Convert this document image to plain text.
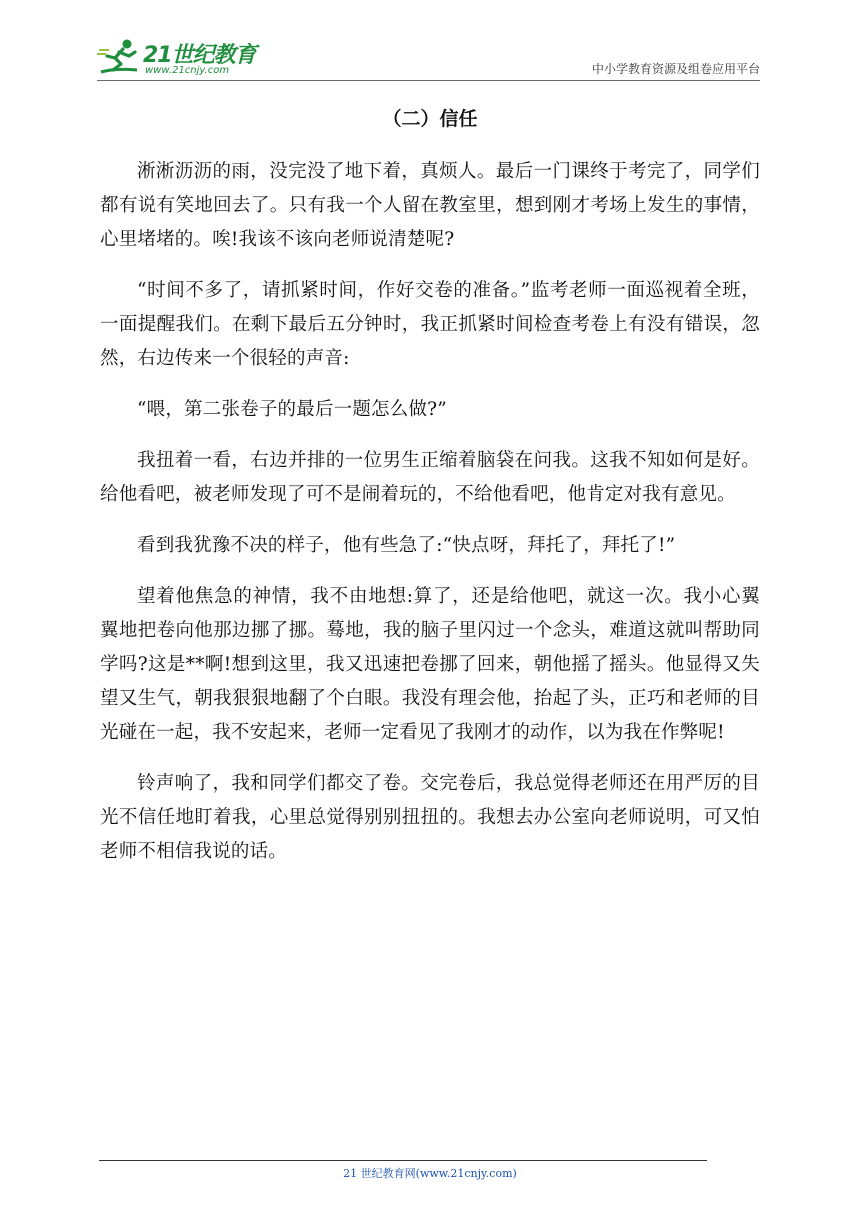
21世纪教育
www.21cnjy.com	中小学教育资源及组卷应用平台
（二）信任

淅淅沥沥的雨，没完没了地下着，真烦人。最后一门课终于考完了，同学们都有说有笑地回去了。只有我一个人留在教室里，想到刚才考场上发生的事情，心里堵堵的。唉!我该不该向老师说清楚呢?

“时间不多了，请抓紧时间，作好交卷的准备。”监考老师一面巡视着全班，一面提醒我们。在剩下最后五分钟时，我正抓紧时间检查考卷上有没有错误，忽然，右边传来一个很轻的声音:

“喂，第二张卷子的最后一题怎么做?”

我扭着一看，右边并排的一位男生正缩着脑袋在问我。这我不知如何是好。给他看吧，被老师发现了可不是闹着玩的，不给他看吧，他肯定对我有意见。

看到我犹豫不决的样子，他有些急了:“快点呀，拜托了，拜托了!”

望着他焦急的神情，我不由地想:算了，还是给他吧，就这一次。我小心翼翼地把卷向他那边挪了挪。蓦地，我的脑子里闪过一个念头，难道这就叫帮助同学吗?这是**啊!想到这里，我又迅速把卷挪了回来，朝他摇了摇头。他显得又失望又生气，朝我狠狠地翻了个白眼。我没有理会他，抬起了头，正巧和老师的目光碰在一起，我不安起来，老师一定看见了我刚才的动作，以为我在作弊呢!

铃声响了，我和同学们都交了卷。交完卷后，我总觉得老师还在用严厉的目光不信任地盯着我，心里总觉得别别扭扭的。我想去办公室向老师说明，可又怕老师不相信我说的话。

21 世纪教育网(www.21cnjy.com)
